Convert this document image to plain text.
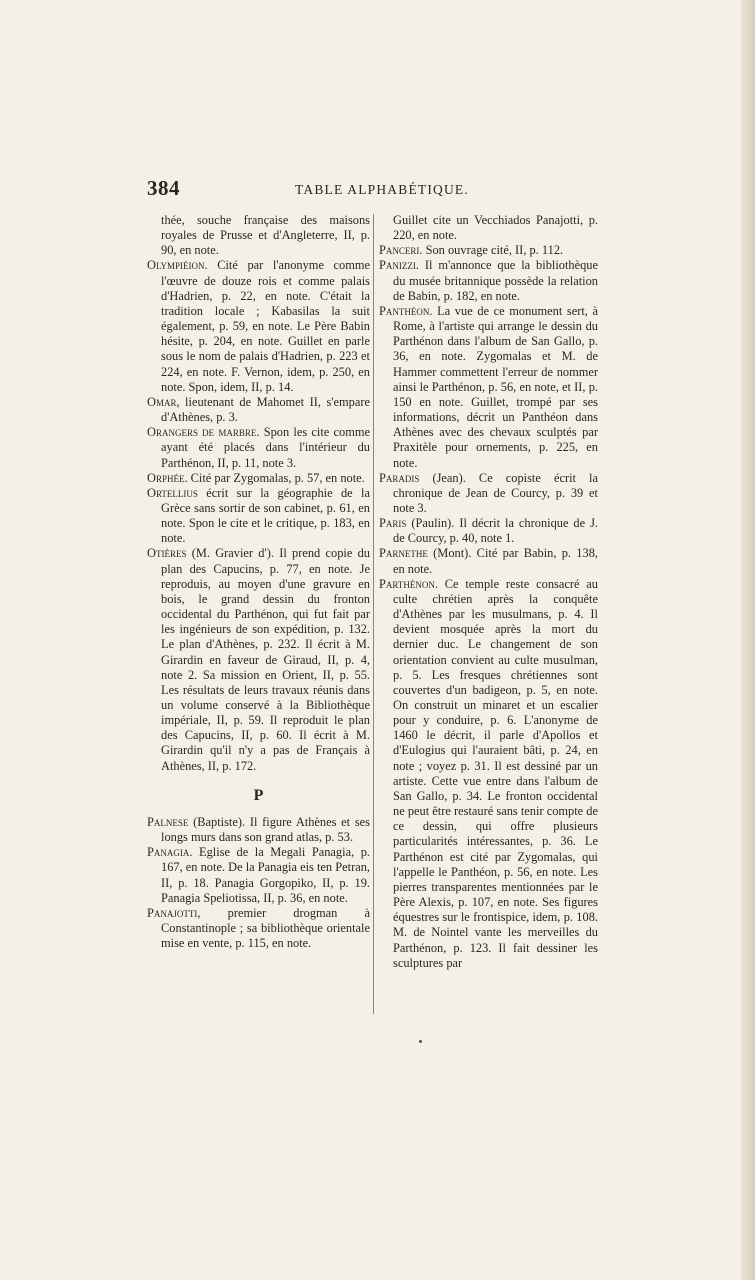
384	TABLE ALPHABÉTIQUE.
thée, souche française des maisons royales de Prusse et d'Angleterre, II, p. 90, en note.
Olympiéion. Cité par l'anonyme comme l'œuvre de douze rois et comme palais d'Hadrien, p. 22, en note. C'était la tradition locale ; Kabasilas la suit également, p. 59, en note. Le Père Babin hésite, p. 204, en note. Guillet en parle sous le nom de palais d'Hadrien, p. 223 et 224, en note. F. Vernon, idem, p. 250, en note. Spon, idem, II, p. 14.
Omar, lieutenant de Mahomet II, s'empare d'Athènes, p. 3.
Orangers de marbre. Spon les cite comme ayant été placés dans l'intérieur du Parthénon, II, p. 11, note 3.
Orphée. Cité par Zygomalas, p. 57, en note.
Ortellius écrit sur la géographie de la Grèce sans sortir de son cabinet, p. 61, en note. Spon le cite et le critique, p. 183, en note.
Otières (M. Gravier d'). Il prend copie du plan des Capucins, p. 77, en note. Je reproduis, au moyen d'une gravure en bois, le grand dessin du fronton occidental du Parthénon, qui fut fait par les ingénieurs de son expédition, p. 132. Le plan d'Athènes, p. 232. Il écrit à M. Girardin en faveur de Giraud, II, p. 4, note 2. Sa mission en Orient, II, p. 55. Les résultats de leurs travaux réunis dans un volume conservé à la Bibliothèque impériale, II, p. 59. Il reproduit le plan des Capucins, II, p. 60. Il écrit à M. Girardin qu'il n'y a pas de Français à Athènes, II, p. 172.
P
Palnese (Baptiste). Il figure Athènes et ses longs murs dans son grand atlas, p. 53.
Panagia. Eglise de la Megali Panagia, p. 167, en note. De la Panagia eis ten Petran, II, p. 18. Panagia Gorgopiko, II, p. 19. Panagia Speliotissa, II, p. 36, en note.
Panajotti, premier drogman à Constantinople ; sa bibliothèque orientale mise en vente, p. 115, en note.
Guillet cite un Vecchiados Panajotti, p. 220, en note.
Panceri. Son ouvrage cité, II, p. 112.
Panizzi. Il m'annonce que la bibliothèque du musée britannique possède la relation de Babin, p. 182, en note.
Panthéon. La vue de ce monument sert, à Rome, à l'artiste qui arrange le dessin du Parthénon dans l'album de San Gallo, p. 36, en note. Zygomalas et M. de Hammer commettent l'erreur de nommer ainsi le Parthénon, p. 56, en note, et II, p. 150 en note. Guillet, trompé par ses informations, décrit un Panthéon dans Athènes avec des chevaux sculptés par Praxitèle pour ornements, p. 225, en note.
Paradis (Jean). Ce copiste écrit la chronique de Jean de Courcy, p. 39 et note 3.
Paris (Paulin). Il décrit la chronique de J. de Courcy, p. 40, note 1.
Parnethe (Mont). Cité par Babin, p. 138, en note.
Parthénon. Ce temple reste consacré au culte chrétien après la conquête d'Athènes par les musulmans, p. 4. Il devient mosquée après la mort du dernier duc. Le changement de son orientation convient au culte musulman, p. 5. Les fresques chrétiennes sont couvertes d'un badigeon, p. 5, en note. On construit un minaret et un escalier pour y conduire, p. 6. L'anonyme de 1460 le décrit, il parle d'Apollos et d'Eulogius qui l'auraient bâti, p. 24, en note ; voyez p. 31. Il est dessiné par un artiste. Cette vue entre dans l'album de San Gallo, p. 34. Le fronton occidental ne peut être restauré sans tenir compte de ce dessin, qui offre plusieurs particularités intéressantes, p. 36. Le Parthénon est cité par Zygomalas, qui l'appelle le Panthéon, p. 56, en note. Les pierres transparentes mentionnées par le Père Alexis, p. 107, en note. Ses figures équestres sur le frontispice, idem, p. 108. M. de Nointel vante les merveilles du Parthénon, p. 123. Il fait dessiner les sculptures par
